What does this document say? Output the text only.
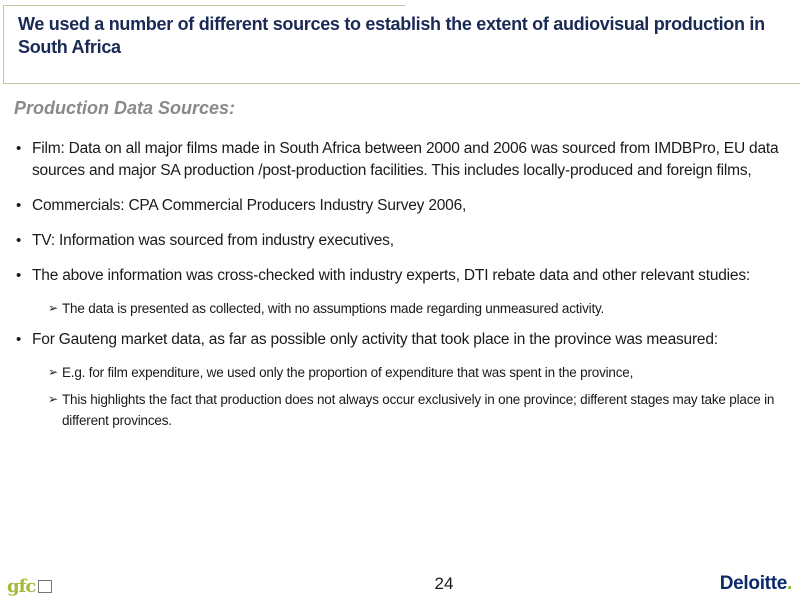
We used a number of different sources to establish the extent of audiovisual production in South Africa
Production Data Sources:
• Film: Data on all major films made in South Africa between 2000 and 2006 was sourced from IMDBPro, EU data sources and major SA production /post-production facilities. This includes locally-produced and foreign films,
• Commercials: CPA Commercial Producers Industry Survey 2006,
• TV: Information was sourced from industry executives,
• The above information was cross-checked with industry experts, DTI rebate data and other relevant studies:
➢ The data is presented as collected, with no assumptions made regarding unmeasured activity.
• For Gauteng market data, as far as possible only activity that took place in the province was measured:
➢ E.g. for film expenditure, we used only the proportion of expenditure that was spent in the province,
➢ This highlights the fact that production does not always occur exclusively in one province; different stages may take place in different provinces.
gfc	24	Deloitte.
